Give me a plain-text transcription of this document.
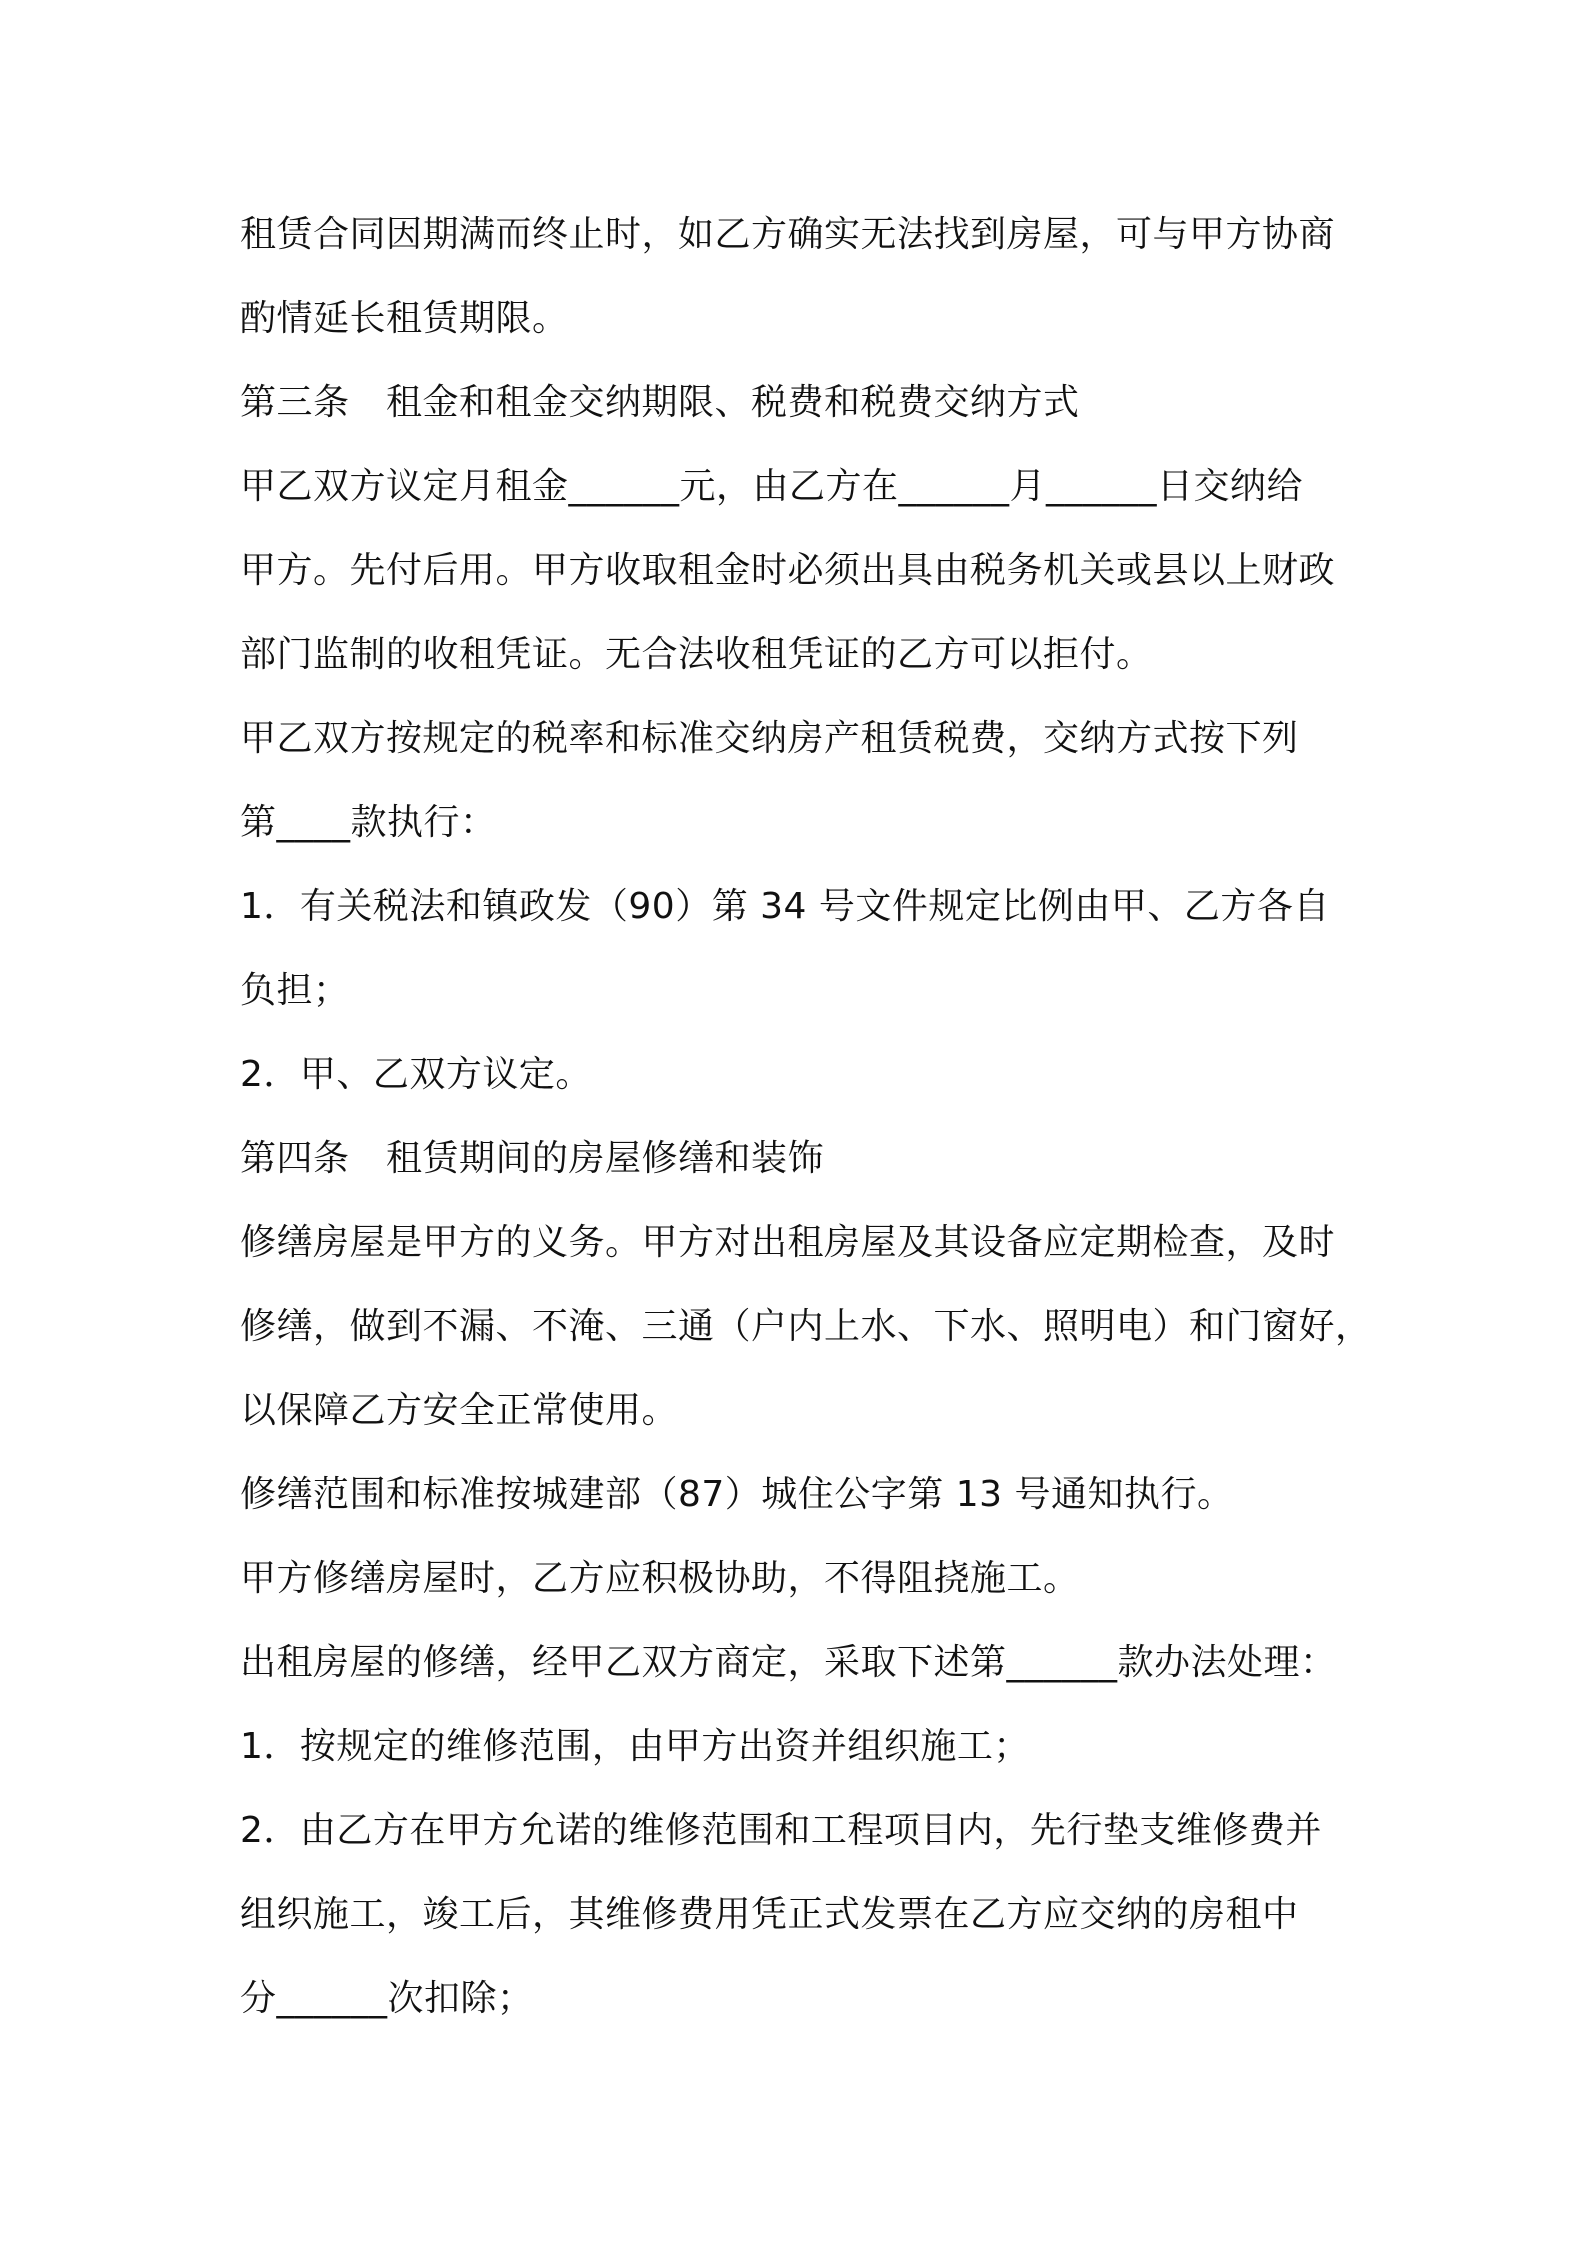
租赁合同因期满而终止时，如乙方确实无法找到房屋，可与甲方协商
酌情延长租赁期限。
第三条　租金和租金交纳期限、税费和税费交纳方式
甲乙双方议定月租金______元，由乙方在______月______日交纳给
甲方。先付后用。甲方收取租金时必须出具由税务机关或县以上财政
部门监制的收租凭证。无合法收租凭证的乙方可以拒付。
甲乙双方按规定的税率和标准交纳房产租赁税费，交纳方式按下列
第____款执行：
1．有关税法和镇政发（90）第 34 号文件规定比例由甲、乙方各自
负担；
2．甲、乙双方议定。
第四条　租赁期间的房屋修缮和装饰
修缮房屋是甲方的义务。甲方对出租房屋及其设备应定期检查，及时
修缮，做到不漏、不淹、三通（户内上水、下水、照明电）和门窗好，
以保障乙方安全正常使用。
修缮范围和标准按城建部（87）城住公字第 13 号通知执行。
甲方修缮房屋时，乙方应积极协助，不得阻挠施工。
出租房屋的修缮，经甲乙双方商定，采取下述第______款办法处理：
1．按规定的维修范围，由甲方出资并组织施工；
2．由乙方在甲方允诺的维修范围和工程项目内，先行垫支维修费并
组织施工，竣工后，其维修费用凭正式发票在乙方应交纳的房租中
分______次扣除；
